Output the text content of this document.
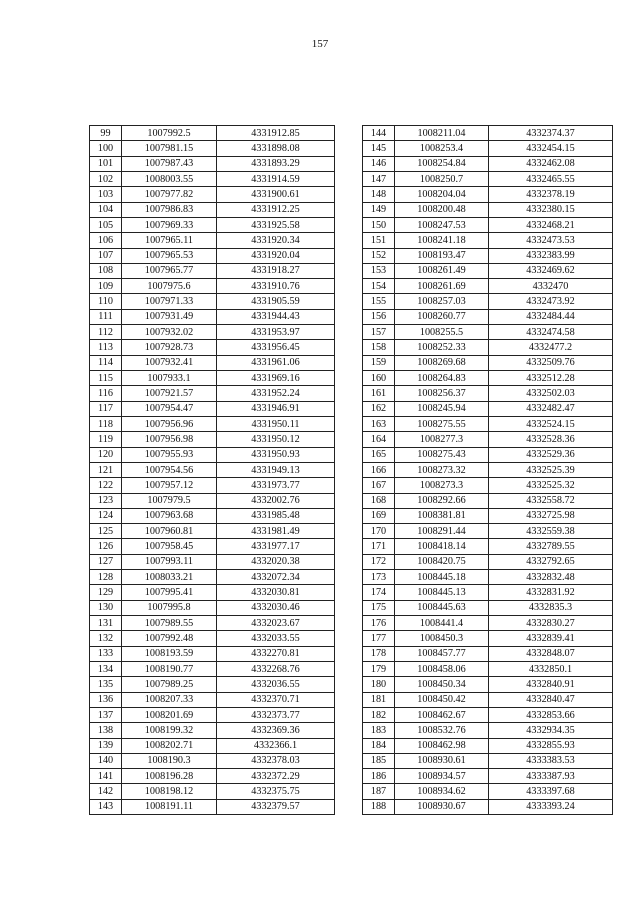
157
99	1007992.5	4331912.85
100	1007981.15	4331898.08
101	1007987.43	4331893.29
102	1008003.55	4331914.59
103	1007977.82	4331900.61
104	1007986.83	4331912.25
105	1007969.33	4331925.58
106	1007965.11	4331920.34
107	1007965.53	4331920.04
108	1007965.77	4331918.27
109	1007975.6	4331910.76
110	1007971.33	4331905.59
111	1007931.49	4331944.43
112	1007932.02	4331953.97
113	1007928.73	4331956.45
114	1007932.41	4331961.06
115	1007933.1	4331969.16
116	1007921.57	4331952.24
117	1007954.47	4331946.91
118	1007956.96	4331950.11
119	1007956.98	4331950.12
120	1007955.93	4331950.93
121	1007954.56	4331949.13
122	1007957.12	4331973.77
123	1007979.5	4332002.76
124	1007963.68	4331985.48
125	1007960.81	4331981.49
126	1007958.45	4331977.17
127	1007993.11	4332020.38
128	1008033.21	4332072.34
129	1007995.41	4332030.81
130	1007995.8	4332030.46
131	1007989.55	4332023.67
132	1007992.48	4332033.55
133	1008193.59	4332270.81
134	1008190.77	4332268.76
135	1007989.25	4332036.55
136	1008207.33	4332370.71
137	1008201.69	4332373.77
138	1008199.32	4332369.36
139	1008202.71	4332366.1
140	1008190.3	4332378.03
141	1008196.28	4332372.29
142	1008198.12	4332375.75
143	1008191.11	4332379.57
144	1008211.04	4332374.37
145	1008253.4	4332454.15
146	1008254.84	4332462.08
147	1008250.7	4332465.55
148	1008204.04	4332378.19
149	1008200.48	4332380.15
150	1008247.53	4332468.21
151	1008241.18	4332473.53
152	1008193.47	4332383.99
153	1008261.49	4332469.62
154	1008261.69	4332470
155	1008257.03	4332473.92
156	1008260.77	4332484.44
157	1008255.5	4332474.58
158	1008252.33	4332477.2
159	1008269.68	4332509.76
160	1008264.83	4332512.28
161	1008256.37	4332502.03
162	1008245.94	4332482.47
163	1008275.55	4332524.15
164	1008277.3	4332528.36
165	1008275.43	4332529.36
166	1008273.32	4332525.39
167	1008273.3	4332525.32
168	1008292.66	4332558.72
169	1008381.81	4332725.98
170	1008291.44	4332559.38
171	1008418.14	4332789.55
172	1008420.75	4332792.65
173	1008445.18	4332832.48
174	1008445.13	4332831.92
175	1008445.63	4332835.3
176	1008441.4	4332830.27
177	1008450.3	4332839.41
178	1008457.77	4332848.07
179	1008458.06	4332850.1
180	1008450.34	4332840.91
181	1008450.42	4332840.47
182	1008462.67	4332853.66
183	1008532.76	4332934.35
184	1008462.98	4332855.93
185	1008930.61	4333383.53
186	1008934.57	4333387.93
187	1008934.62	4333397.68
188	1008930.67	4333393.24
